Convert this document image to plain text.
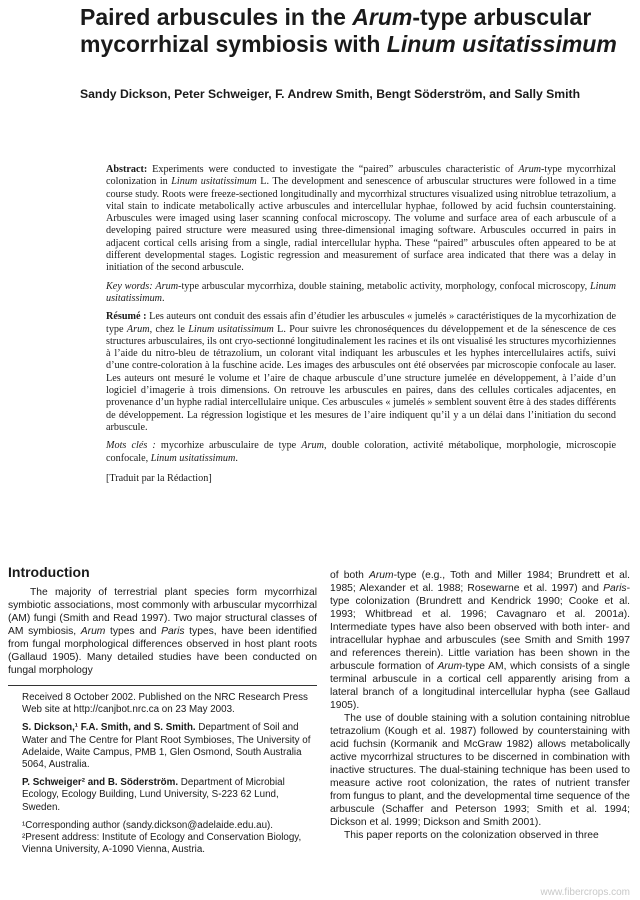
Paired arbuscules in the Arum-type arbuscular
mycorrhizal symbiosis with Linum usitatissimum

Sandy Dickson, Peter Schweiger, F. Andrew Smith, Bengt Söderström, and Sally Smith

Abstract: Experiments were conducted to investigate the “paired” arbuscules characteristic of Arum-type mycorrhizal colonization in Linum usitatissimum L. The development and senescence of arbuscular structures were followed in a time course study. Roots were freeze-sectioned longitudinally and mycorrhizal structures visualized using nitroblue tetrazolium, a vital stain to indicate metabolically active arbuscules and intercellular hyphae, followed by acid fuchsin counterstaining. Arbuscules were imaged using laser scanning confocal microscopy. The volume and surface area of each arbuscule of a developing paired structure were measured using three-dimensional imaging software. Arbuscules occurred in pairs in adjacent cortical cells arising from a single, radial intercellular hypha. These “paired” arbuscules often appeared to be at different developmental stages. Logistic regression and measurement of surface area indicated that there was a delay in initiation of the second arbuscule.

Key words: Arum-type arbuscular mycorrhiza, double staining, metabolic activity, morphology, confocal microscopy, Linum usitatissimum.

Résumé : Les auteurs ont conduit des essais afin d’étudier les arbuscules « jumelés » caractéristiques de la mycorhization de type Arum, chez le Linum usitatissimum L. Pour suivre les chronoséquences du développement et de la sénescence de ces structures arbusculaires, ils ont cryo-sectionné longitudinalement les racines et ils ont visualisé les structures mycorhiziennes à l’aide du nitro-bleu de tétrazolium, un colorant vital indiquant les arbuscules et les hyphes intercellulaires actifs, suivi d’une contre-coloration à la fuschine acide. Les images des arbuscules ont été observées par microscopie confocale au laser. Les auteurs ont mesuré le volume et l’aire de chaque arbuscule d’une structure jumelée en développement, à l’aide d’un logiciel d’imagerie à trois dimensions. On retrouve les arbuscules en paires, dans des cellules corticales adjacentes, en provenance d’un hyphe radial intercellulaire unique. Ces arbuscules « jumelés » semblent souvent être à des stades différents de développement. La régression logistique et les mesures de l’aire indiquent qu’il y a un délai dans l’initiation du second arbuscule.

Mots clés : mycorhize arbusculaire de type Arum, double coloration, activité métabolique, morphologie, microscopie confocale, Linum usitatissimum.

[Traduit par la Rédaction]

Introduction

The majority of terrestrial plant species form mycorrhizal symbiotic associations, most commonly with arbuscular mycorrhizal (AM) fungi (Smith and Read 1997). Two major structural classes of AM symbiosis, Arum types and Paris types, have been identified from fungal morphological differences observed in host plant roots (Gallaud 1905). Many detailed studies have been conducted on fungal morphology

Received 8 October 2002. Published on the NRC Research Press Web site at http://canjbot.nrc.ca on 23 May 2003.

S. Dickson,¹ F.A. Smith, and S. Smith. Department of Soil and Water and The Centre for Plant Root Symbioses, The University of Adelaide, Waite Campus, PMB 1, Glen Osmond, South Australia 5064, Australia.

P. Schweiger² and B. Söderström. Department of Microbial Ecology, Ecology Building, Lund University, S-223 62 Lund, Sweden.

¹Corresponding author (sandy.dickson@adelaide.edu.au).

²Present address: Institute of Ecology and Conservation Biology, Vienna University, A-1090 Vienna, Austria.

of both Arum-type (e.g., Toth and Miller 1984; Brundrett et al. 1985; Alexander et al. 1988; Rosewarne et al. 1997) and Paris-type colonization (Brundrett and Kendrick 1990; Cooke et al. 1993; Whitbread et al. 1996; Cavagnaro et al. 2001a). Intermediate types have also been observed with both inter- and intracellular hyphae and arbuscules (see Smith and Smith 1997 and references therein). Little variation has been shown in the arbuscule formation of Arum-type AM, which consists of a single terminal arbuscule in a cortical cell apparently arising from a lateral branch of a longitudinal intercellular hypha (see Gallaud 1905).

The use of double staining with a solution containing nitroblue tetrazolium (Kough et al. 1987) followed by counterstaining with acid fuchsin (Kormanik and McGraw 1982) allows metabolically active mycorrhizal structures to be discerned in combination with inactive structures. The dual-staining technique has been used to measure active root colonization, the rates of nutrient transfer from fungus to plant, and the developmental time sequence of the arbuscule (Schaffer and Peterson 1993; Smith et al. 1994; Dickson et al. 1999; Dickson and Smith 2001).

This paper reports on the colonization observed in three

www.fibercrops.com
